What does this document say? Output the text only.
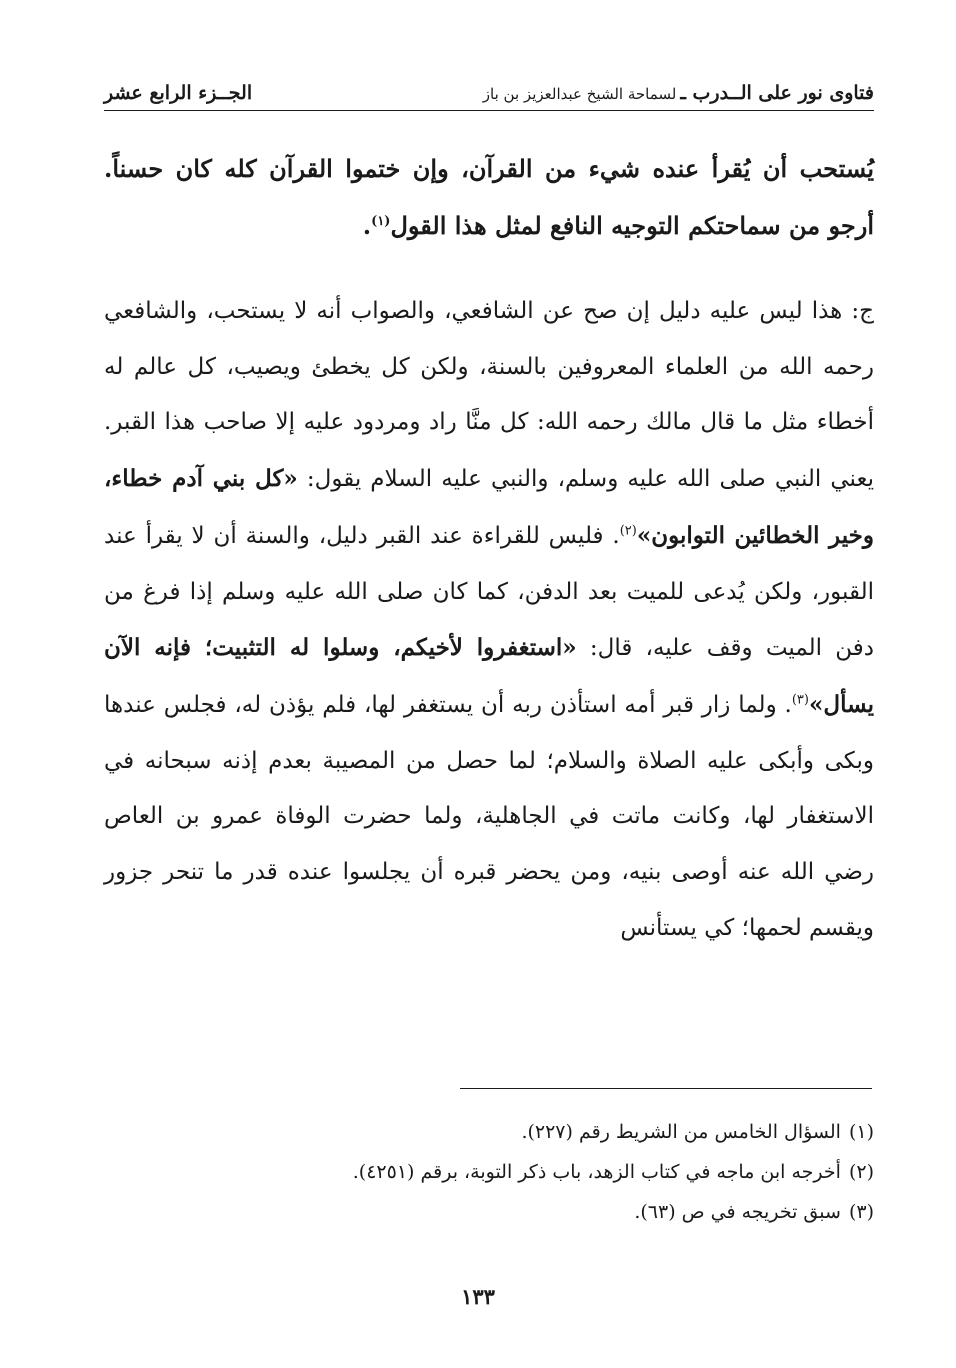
فتاوى نور على الــدرب ـ
لسماحة الشيخ عبدالعزيز بن باز
الجــزء الرابع عشر

يُستحب أن يُقرأ عنده شيء من القرآن، وإن ختموا القرآن كله كان حسناً. أرجو من سماحتكم التوجيه النافع لمثل هذا القول$^{(١)}$.

ج: هذا ليس عليه دليل إن صح عن الشافعي، والصواب أنه لا يستحب، والشافعي رحمه الله من العلماء المعروفين بالسنة، ولكن كل يخطئ ويصيب، كل عالم له أخطاء مثل ما قال مالك رحمه الله: كل منَّا راد ومردود عليه إلا صاحب هذا القبر. يعني النبي صلى الله عليه وسلم، والنبي عليه السلام يقول: «كل بني آدم خطاء، وخير الخطائين التوابون»$^{(٢)}$. فليس للقراءة عند القبر دليل، والسنة أن لا يقرأ عند القبور، ولكن يُدعى للميت بعد الدفن، كما كان صلى الله عليه وسلم إذا فرغ من دفن الميت وقف عليه، قال: «استغفروا لأخيكم، وسلوا له التثبيت؛ فإنه الآن يسأل»$^{(٣)}$. ولما زار قبر أمه استأذن ربه أن يستغفر لها، فلم يؤذن له، فجلس عندها وبكى وأبكى عليه الصلاة والسلام؛ لما حصل من المصيبة بعدم إذنه سبحانه في الاستغفار لها، وكانت ماتت في الجاهلية، ولما حضرت الوفاة عمرو بن العاص رضي الله عنه أوصى بنيه، ومن يحضر قبره أن يجلسوا عنده قدر ما تنحر جزور ويقسم لحمها؛ كي يستأنس

(١)السؤال الخامس من الشريط رقم (٢٢٧).
(٢)أخرجه ابن ماجه في كتاب الزهد، باب ذكر التوبة، برقم (٤٢٥١).
(٣)سبق تخريجه في ص (٦٣).
١٣٣
